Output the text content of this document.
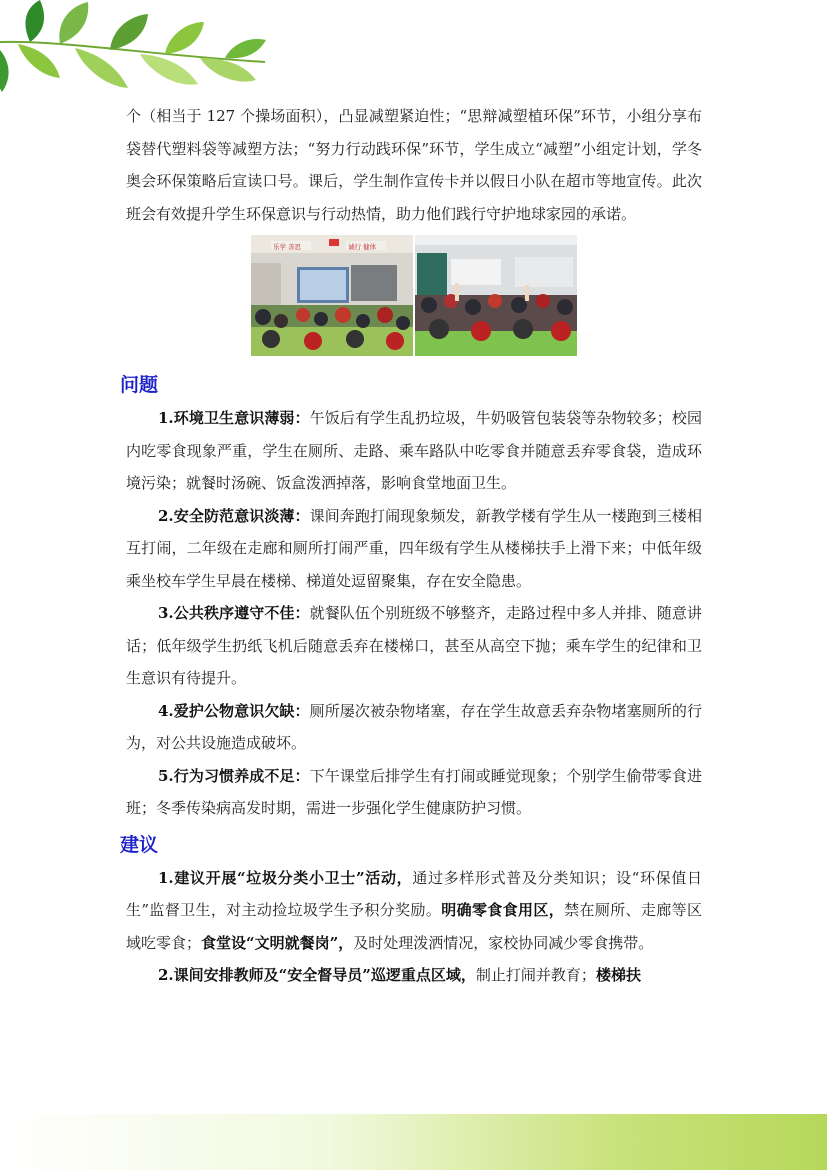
个（相当于 127 个操场面积），凸显减塑紧迫性；“思辩减塑植环保”环节，小组分享布袋替代塑料袋等减塑方法；“努力行动践环保”环节，学生成立“减塑”小组定计划，学冬奥会环保策略后宣读口号。课后，学生制作宣传卡并以假日小队在超市等地宣传。此次班会有效提升学生环保意识与行动热情，助力他们践行守护地球家园的承诺。

乐学 善思	诚行 健体
问题

1.环境卫生意识薄弱：午饭后有学生乱扔垃圾，牛奶吸管包装袋等杂物较多；校园内吃零食现象严重，学生在厕所、走路、乘车路队中吃零食并随意丢弃零食袋，造成环境污染；就餐时汤碗、饭盒泼洒掉落，影响食堂地面卫生。

2.安全防范意识淡薄：课间奔跑打闹现象频发，新教学楼有学生从一楼跑到三楼相互打闹，二年级在走廊和厕所打闹严重，四年级有学生从楼梯扶手上滑下来；中低年级乘坐校车学生早晨在楼梯、梯道处逗留聚集，存在安全隐患。

3.公共秩序遵守不佳：就餐队伍个别班级不够整齐，走路过程中多人并排、随意讲话；低年级学生扔纸飞机后随意丢弃在楼梯口，甚至从高空下抛；乘车学生的纪律和卫生意识有待提升。

4.爱护公物意识欠缺：厕所屡次被杂物堵塞，存在学生故意丢弃杂物堵塞厕所的行为，对公共设施造成破坏。

5.行为习惯养成不足：下午课堂后排学生有打闹或睡觉现象；个别学生偷带零食进班；冬季传染病高发时期，需进一步强化学生健康防护习惯。

建议

1.建议开展“垃圾分类小卫士”活动，通过多样形式普及分类知识；设“环保值日生”监督卫生，对主动捡垃圾学生予积分奖励。明确零食食用区，禁在厕所、走廊等区域吃零食；食堂设“文明就餐岗”，及时处理泼洒情况，家校协同减少零食携带。

2.课间安排教师及“安全督导员”巡逻重点区域，制止打闹并教育；楼梯扶
